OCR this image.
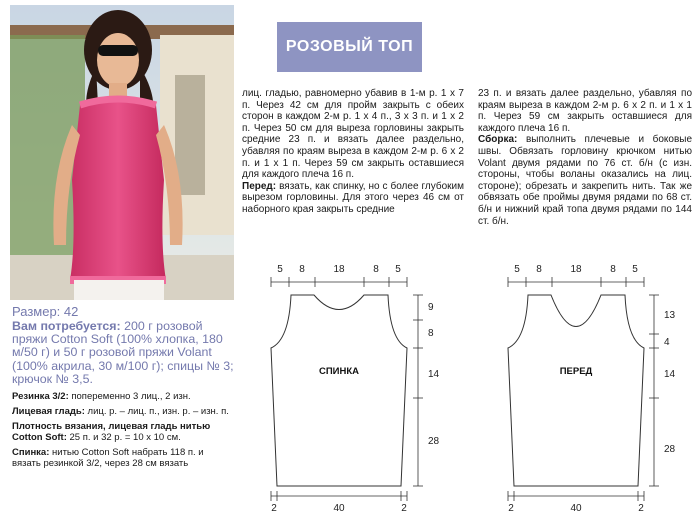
РОЗОВЫЙ ТОП

лиц. гладью, равномерно убавив в 1-м р. 1 х 7 п. Через 42 см для пройм закрыть с обеих сторон в каждом 2-м р. 1 х 4 п., 3 х 3 п. и 1 х 2 п. Через 50 см для выреза горловины закрыть средние 23 п. и вязать далее раздельно, убавляя по краям выреза в каждом 2-м р. 6 х 2 п. и 1 х 1 п. Через 59 см закрыть оставшиеся для каждого плеча 16 п.

Перед: вязать, как спинку, но с более глубоким вырезом горловины. Для этого через 46 см от наборного края закрыть средние

23 п. и вязать далее раздельно, убавляя по краям выреза в каждом 2-м р. 6 х 2 п. и 1 х 1 п. Через 59 см закрыть оставшиеся для каждого плеча 16 п.

Сборка: выполнить плечевые и боковые швы. Обвязать горловину крючком нитью Volant двумя рядами по 76 ст. б/н (с изн. стороны, чтобы воланы оказались на лиц. стороне); обрезать и закрепить нить. Так же обвязать обе проймы двумя рядами по 68 ст. б/н и нижний край топа двумя рядами по 144 ст. б/н.

Размер: 42
Вам потребуется: 200 г розовой пряжи Cotton Soft (100% хлопка, 180 м/50 г) и 50 г розовой пряжи Volant (100% акрила, 30 м/100 г); спицы № 3; крючок № 3,5.
Резинка 3/2: попеременно 3 лиц., 2 изн.
Лицевая гладь: лиц. р. – лиц. п., изн. р. – изн. п.
Плотность вязания, лицевая гладь нитью Cotton Soft: 25 п. и 32 р. = 10 х 10 см.
Спинка: нитью Cotton Soft набрать 118 п. и вязать резинкой 3/2, через 28 см вязать
СПИНКА
5 8	18	8 5
9
8
14
28
2	40	2
ПЕРЕД
5 8	18	8 5
13
4
14
28
2	40	2
